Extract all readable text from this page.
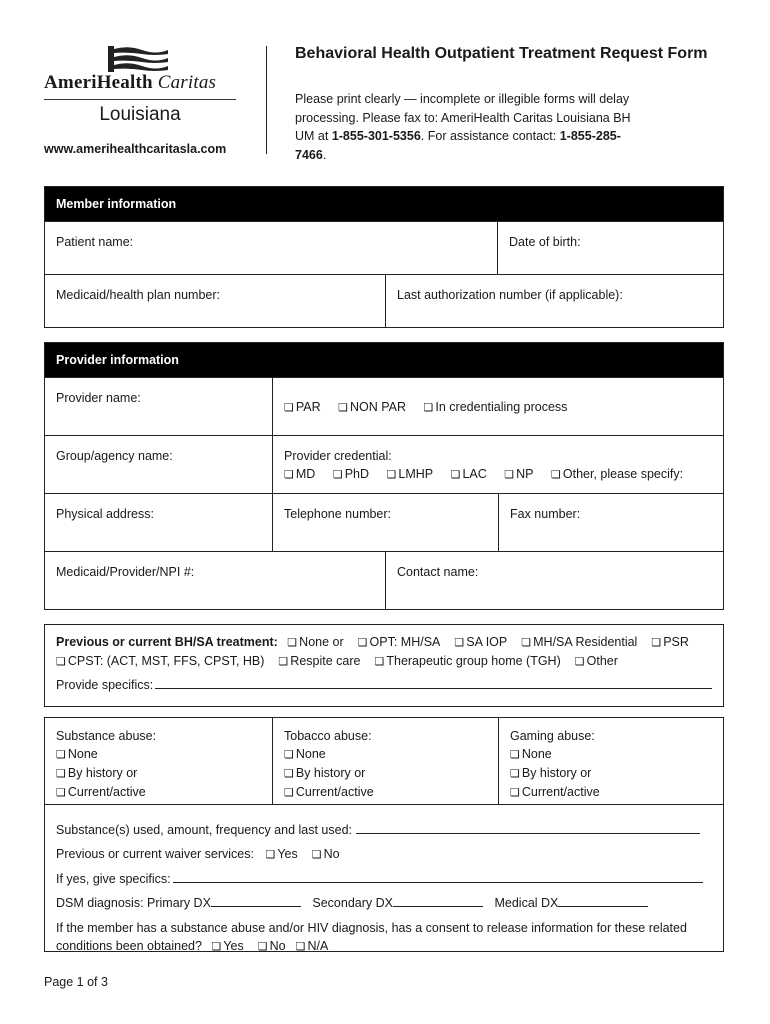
AmeriHealth Caritas
Louisiana
www.amerihealthcaritasla.com
Behavioral Health Outpatient Treatment Request Form
Please print clearly — incomplete or illegible forms will delay processing. Please fax to: AmeriHealth Caritas Louisiana BH UM at 1-855-301-5356. For assistance contact: 1-855-285-7466.
Member information
Patient name:	Date of birth:
Medicaid/health plan number:	Last authorization number (if applicable):
Provider information
Provider name:
❏ PAR ❏ NON PAR ❏ In credentialing process
Group/agency name:	Provider credential:
❏ MD ❏ PhD ❏ LMHP ❏ LAC ❏ NP ❏ Other, please specify:
Physical address:	Telephone number:	Fax number:
Medicaid/Provider/NPI #:	Contact name:
Previous or current BH/SA treatment: ❏ None or ❏ OPT: MH/SA ❏ SA IOP ❏ MH/SA Residential ❏ PSR
❏ CPST: (ACT, MST, FFS, CPST, HB) ❏ Respite care ❏ Therapeutic group home (TGH) ❏ Other
Provide specifics:
Substance abuse:
❏ None
❏ By history or
❏ Current/active
Tobacco abuse:
❏ None
❏ By history or
❏ Current/active
Gaming abuse:
❏ None
❏ By history or
❏ Current/active
Substance(s) used, amount, frequency and last used:
Previous or current waiver services: ❏ Yes ❏ No
If yes, give specifics:
DSM diagnosis: Primary DX	Secondary DX	Medical DX
If the member has a substance abuse and/or HIV diagnosis, has a consent to release information for these related conditions been obtained? ❏ Yes ❏ No ❏ N/A
Page 1 of 3
